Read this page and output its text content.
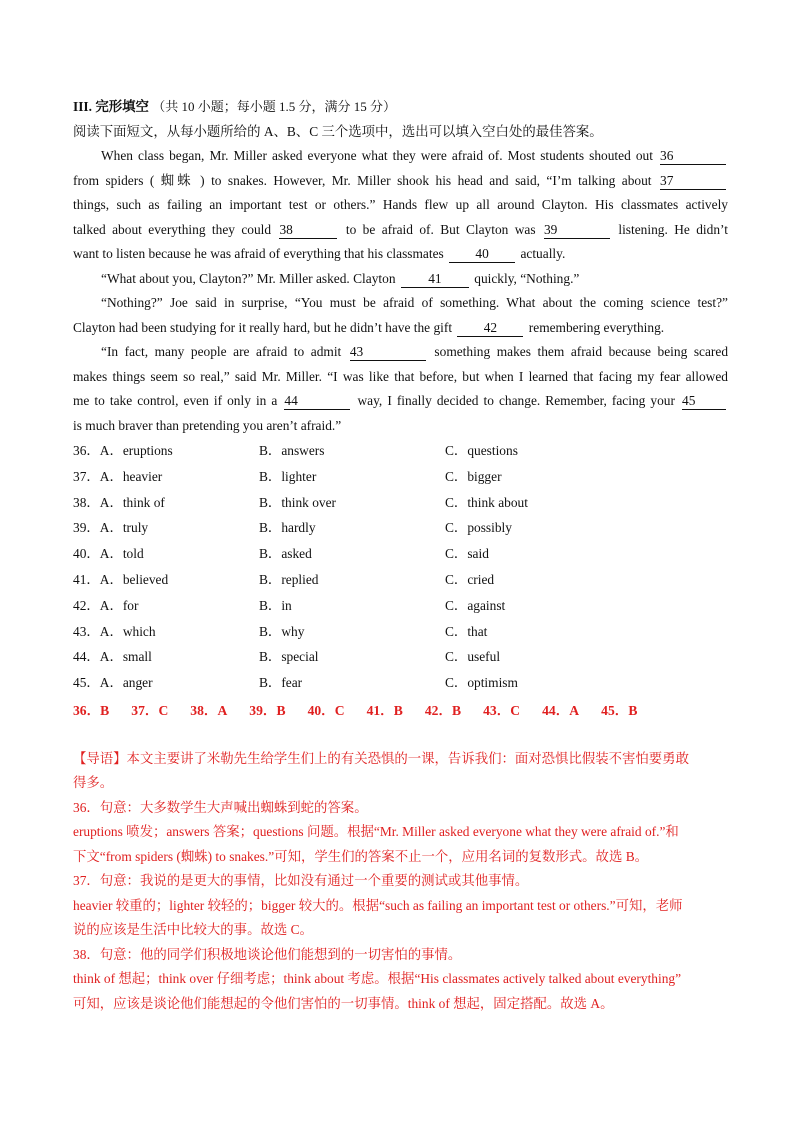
III. 完形填空 （共 10 小题；每小题 1.5 分，满分 15 分）
阅读下面短文，从每小题所给的 A、B、C 三个选项中，选出可以填入空白处的最佳答案。
When class began, Mr. Miller asked everyone what they were afraid of. Most students shouted out 36
from spiders ( 蜘蛛 ) to snakes. However, Mr. Miller shook his head and said, “I’m talking about 37
things, such as failing an important test or others.” Hands flew up all around Clayton. His classmates actively
talked about everything they could 38	to be afraid of. But Clayton was 39	listening. He didn’t
want to listen because he was afraid of everything that his classmates 40 actually.
“What about you, Clayton?” Mr. Miller asked. Clayton 41 quickly, “Nothing.”
“Nothing?” Joe said in surprise, “You must be afraid of something. What about the coming science test?”
Clayton had been studying for it really hard, but he didn’t have the gift 42 remembering everything.
“In fact, many people are afraid to admit 43	something makes them afraid because being scared
makes things seem so real,” said Mr. Miller. “I was like that before, but when I learned that facing my fear allowed
me to take control, even if only in a 44	way, I finally decided to change. Remember, facing your 45
is much braver than pretending you aren’t afraid.”
36．A．eruptions	B．answers	C．questions
37．A．heavier	B．lighter	C．bigger
38．A．think of	B．think over	C．think about
39．A．truly	B．hardly	C．possibly
40．A．told	B．asked	C．said
41．A．believed	B．replied	C．cried
42．A．for	B．in	C．against
43．A．which	B．why	C．that
44．A．small	B．special	C．useful
45．A．anger	B．fear	C．optimism
36．B 37．C 38．A 39．B 40．C 41．B 42．B 43．C 44．A 45．B
【导语】本文主要讲了米勒先生给学生们上的有关恐惧的一课，告诉我们：面对恐惧比假装不害怕要勇敢
得多。
36．句意：大多数学生大声喊出蜘蛛到蛇的答案。
eruptions 喷发；answers 答案；questions 问题。根据“Mr. Miller asked everyone what they were afraid of.”和
下文“from spiders (蜘蛛) to snakes.”可知，学生们的答案不止一个，应用名词的复数形式。故选 B。
37．句意：我说的是更大的事情，比如没有通过一个重要的测试或其他事情。
heavier 较重的；lighter 较轻的；bigger 较大的。根据“such as failing an important test or others.”可知，老师
说的应该是生活中比较大的事。故选 C。
38．句意：他的同学们积极地谈论他们能想到的一切害怕的事情。
think of 想起；think over 仔细考虑；think about 考虑。根据“His classmates actively talked about everything”
可知，应该是谈论他们能想起的令他们害怕的一切事情。think of 想起，固定搭配。故选 A。
